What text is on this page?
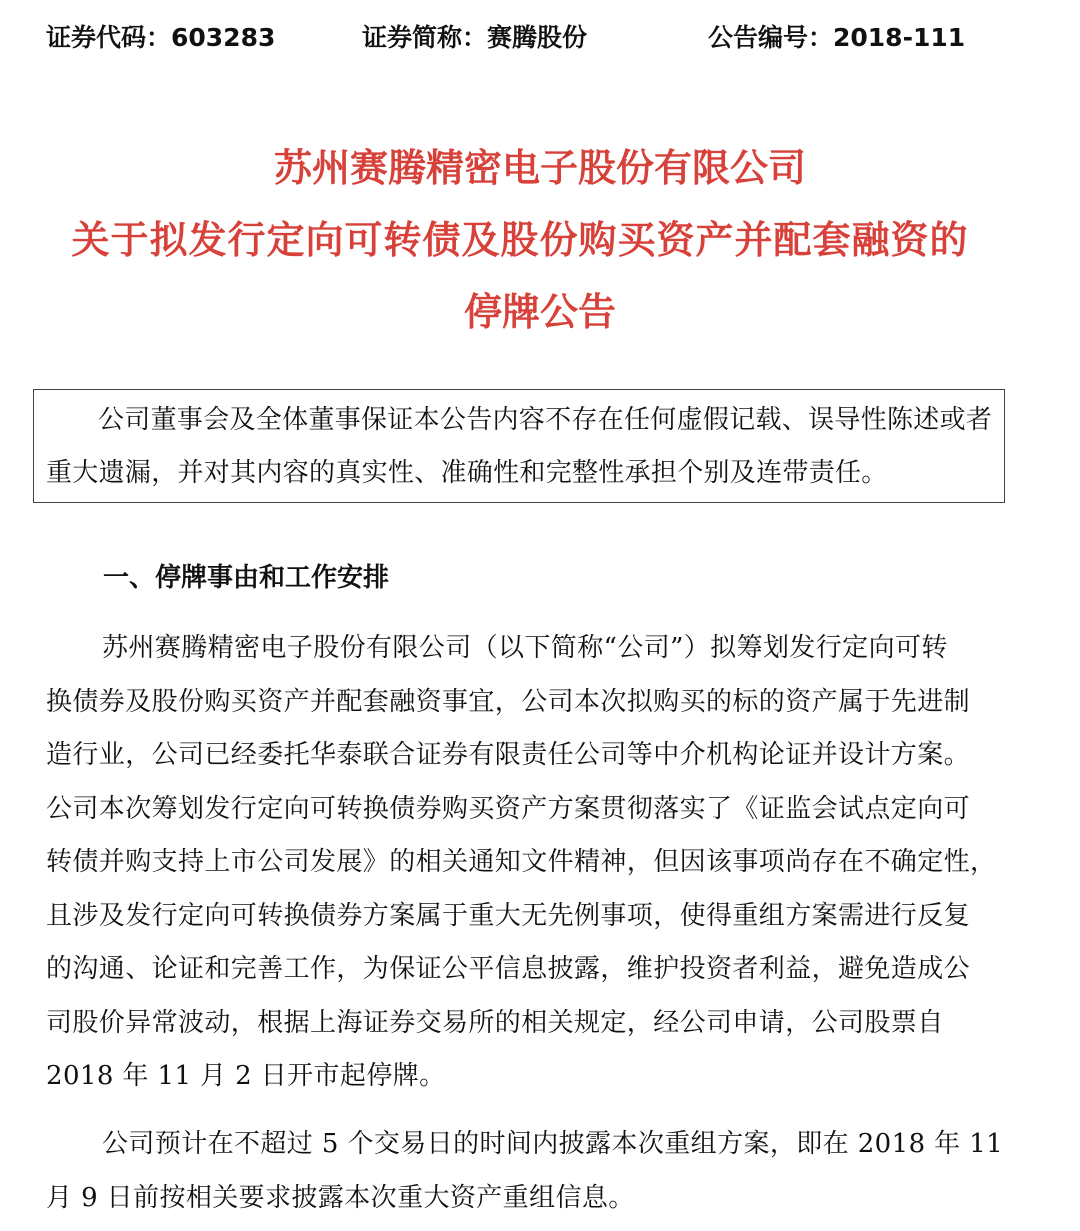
证券代码：603283	证券简称：赛腾股份	公告编号：2018-111
苏州赛腾精密电子股份有限公司
关于拟发行定向可转债及股份购买资产并配套融资的
停牌公告
公司董事会及全体董事保证本公告内容不存在任何虚假记载、误导性陈述或者重大遗漏，并对其内容的真实性、准确性和完整性承担个别及连带责任。
一、停牌事由和工作安排
苏州赛腾精密电子股份有限公司（以下简称“公司”）拟筹划发行定向可转
换债券及股份购买资产并配套融资事宜，公司本次拟购买的标的资产属于先进制
造行业，公司已经委托华泰联合证券有限责任公司等中介机构论证并设计方案。
公司本次筹划发行定向可转换债券购买资产方案贯彻落实了《证监会试点定向可
转债并购支持上市公司发展》的相关通知文件精神，但因该事项尚存在不确定性，
且涉及发行定向可转换债券方案属于重大无先例事项，使得重组方案需进行反复
的沟通、论证和完善工作，为保证公平信息披露，维护投资者利益，避免造成公
司股价异常波动，根据上海证券交易所的相关规定，经公司申请，公司股票自
2018 年 11 月 2 日开市起停牌。
公司预计在不超过 5 个交易日的时间内披露本次重组方案，即在 2018 年 11
月 9 日前按相关要求披露本次重大资产重组信息。
